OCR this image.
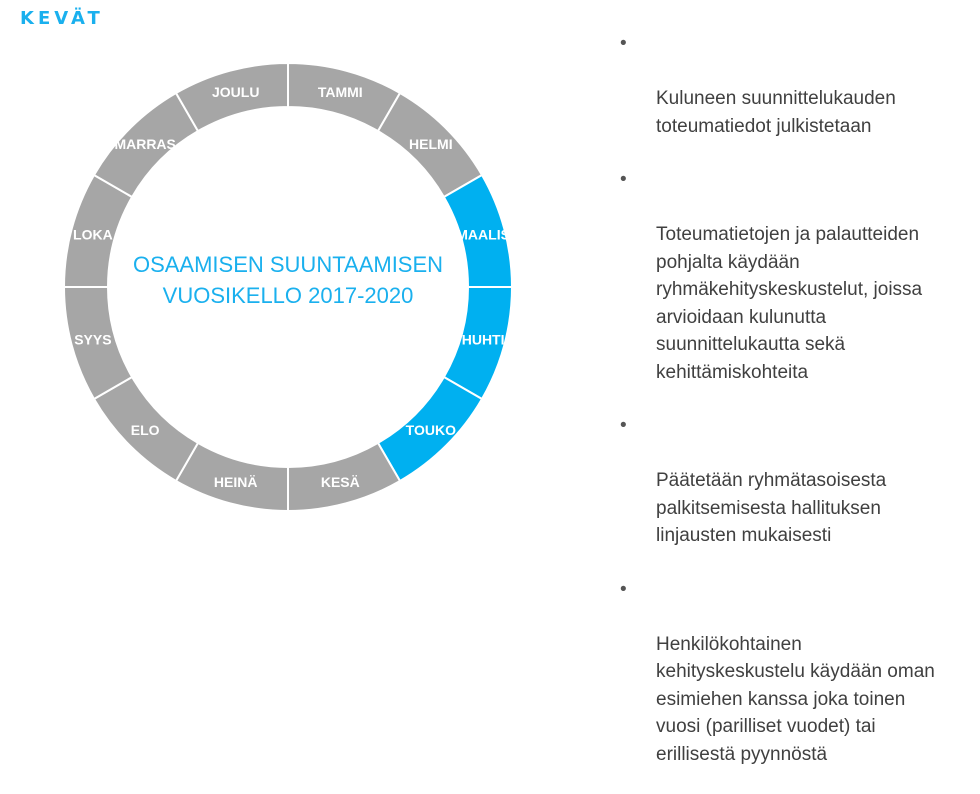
KEVÄT
TAMMI
HELMI
MAALIS
HUHTI
TOUKO
KESÄ
HEINÄ
ELO
SYYS
LOKA
MARRAS
JOULU
OSAAMISEN SUUNTAAMISEN
VUOSIKELLO 2017-2020

•

Kuluneen suunnittelukauden
toteumatiedot julkistetaan

•

Toteumatietojen ja palautteiden
pohjalta käydään
ryhmäkehityskeskustelut, joissa
arvioidaan kulunutta
suunnittelukautta sekä
kehittämiskohteita

•

Päätetään ryhmätasoisesta
palkitsemisesta hallituksen
linjausten mukaisesti

•

Henkilökohtainen
kehityskeskustelu käydään oman
esimiehen kanssa joka toinen
vuosi (parilliset vuodet) tai
erillisestä pyynnöstä
